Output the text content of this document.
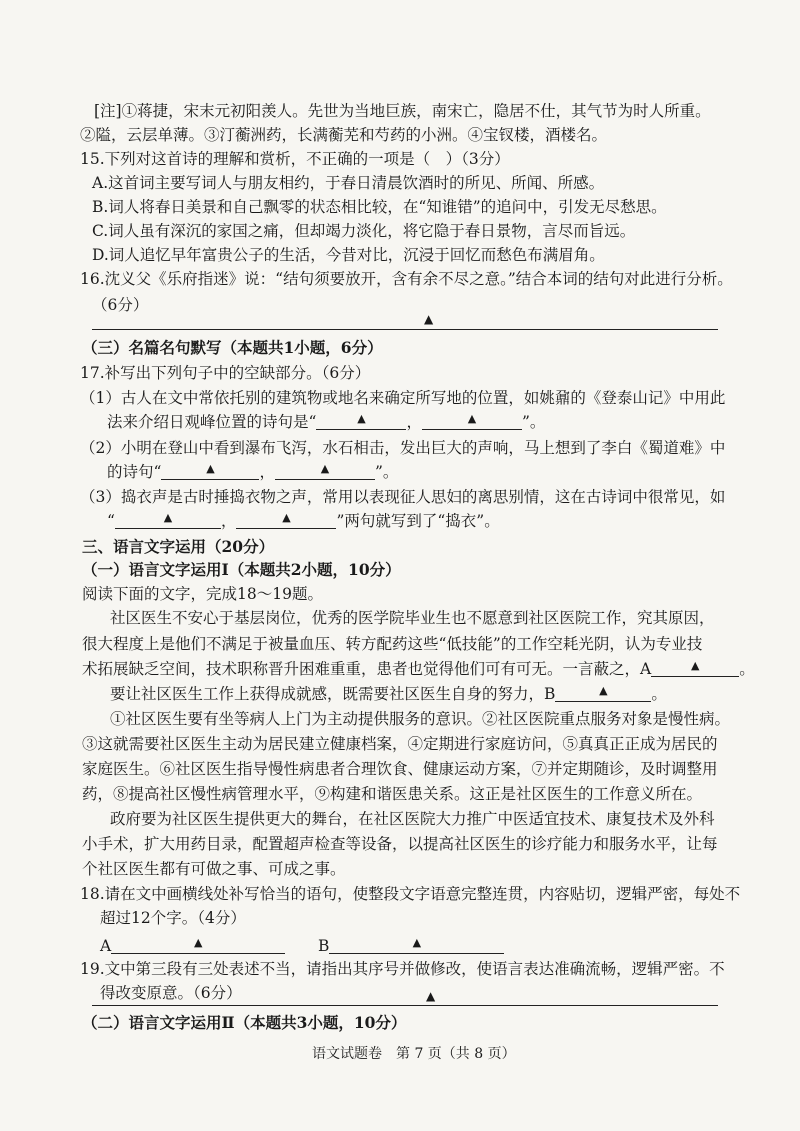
[注]①蒋捷，宋末元初阳羡人。先世为当地巨族，南宋亡，隐居不仕，其气节为时人所重。
②隘，云层单薄。③汀蘅洲药，长满蘅芜和芍药的小洲。④宝钗楼，酒楼名。
15.下列对这首诗的理解和赏析，不正确的一项是（　）（3分）
A.这首词主要写词人与朋友相约，于春日清晨饮酒时的所见、所闻、所感。
B.词人将春日美景和自己飘零的状态相比较，在“知谁错”的追问中，引发无尽愁思。
C.词人虽有深沉的家国之痛，但却竭力淡化，将它隐于春日景物，言尽而旨远。
D.词人追忆早年富贵公子的生活，今昔对比，沉浸于回忆而愁色布满眉角。
16.沈义父《乐府指迷》说：“结句须要放开，含有余不尽之意。”结合本词的结句对此进行分析。
（6分）
▲
（三）名篇名句默写（本题共1小题，6分）
17.补写出下列句子中的空缺部分。（6分）
（1）古人在文中常依托别的建筑物或地名来确定所写地的位置，如姚鼐的《登泰山记》中用此
法来介绍日观峰位置的诗句是“	▲	，	▲	”。
（2）小明在登山中看到瀑布飞泻，水石相击，发出巨大的声响，马上想到了李白《蜀道难》中
的诗句“	▲	，	▲	”。
（3）捣衣声是古时捶捣衣物之声，常用以表现征人思妇的离思别情，这在古诗词中很常见，如
“	▲	，	▲	”两句就写到了“捣衣”。
三、语言文字运用（20分）
（一）语言文字运用Ⅰ（本题共2小题，10分）
阅读下面的文字，完成18～19题。
社区医生不安心于基层岗位，优秀的医学院毕业生也不愿意到社区医院工作，究其原因，
很大程度上是他们不满足于被量血压、转方配药这些“低技能”的工作空耗光阴，认为专业技
术拓展缺乏空间，技术职称晋升困难重重，患者也觉得他们可有可无。一言蔽之，A	▲	。
要让社区医生工作上获得成就感，既需要社区医生自身的努力，B	▲	。
①社区医生要有坐等病人上门为主动提供服务的意识。②社区医院重点服务对象是慢性病。
③这就需要社区医生主动为居民建立健康档案，④定期进行家庭访问，⑤真真正正成为居民的
家庭医生。⑥社区医生指导慢性病患者合理饮食、健康运动方案，⑦并定期随诊，及时调整用
药，⑧提高社区慢性病管理水平，⑨构建和谐医患关系。这正是社区医生的工作意义所在。
政府要为社区医生提供更大的舞台，在社区医院大力推广中医适宜技术、康复技术及外科
小手术，扩大用药目录，配置超声检查等设备，以提高社区医生的诊疗能力和服务水平，让每
个社区医生都有可做之事、可成之事。
18.请在文中画横线处补写恰当的语句，使整段文字语意完整连贯，内容贴切，逻辑严密，每处不
超过12个字。（4分）
A	▲	B	▲
19.文中第三段有三处表述不当，请指出其序号并做修改，使语言表达准确流畅，逻辑严密。不
得改变原意。（6分）	▲
（二）语言文字运用Ⅱ（本题共3小题，10分）
语文试题卷　第 7 页（共 8 页）
